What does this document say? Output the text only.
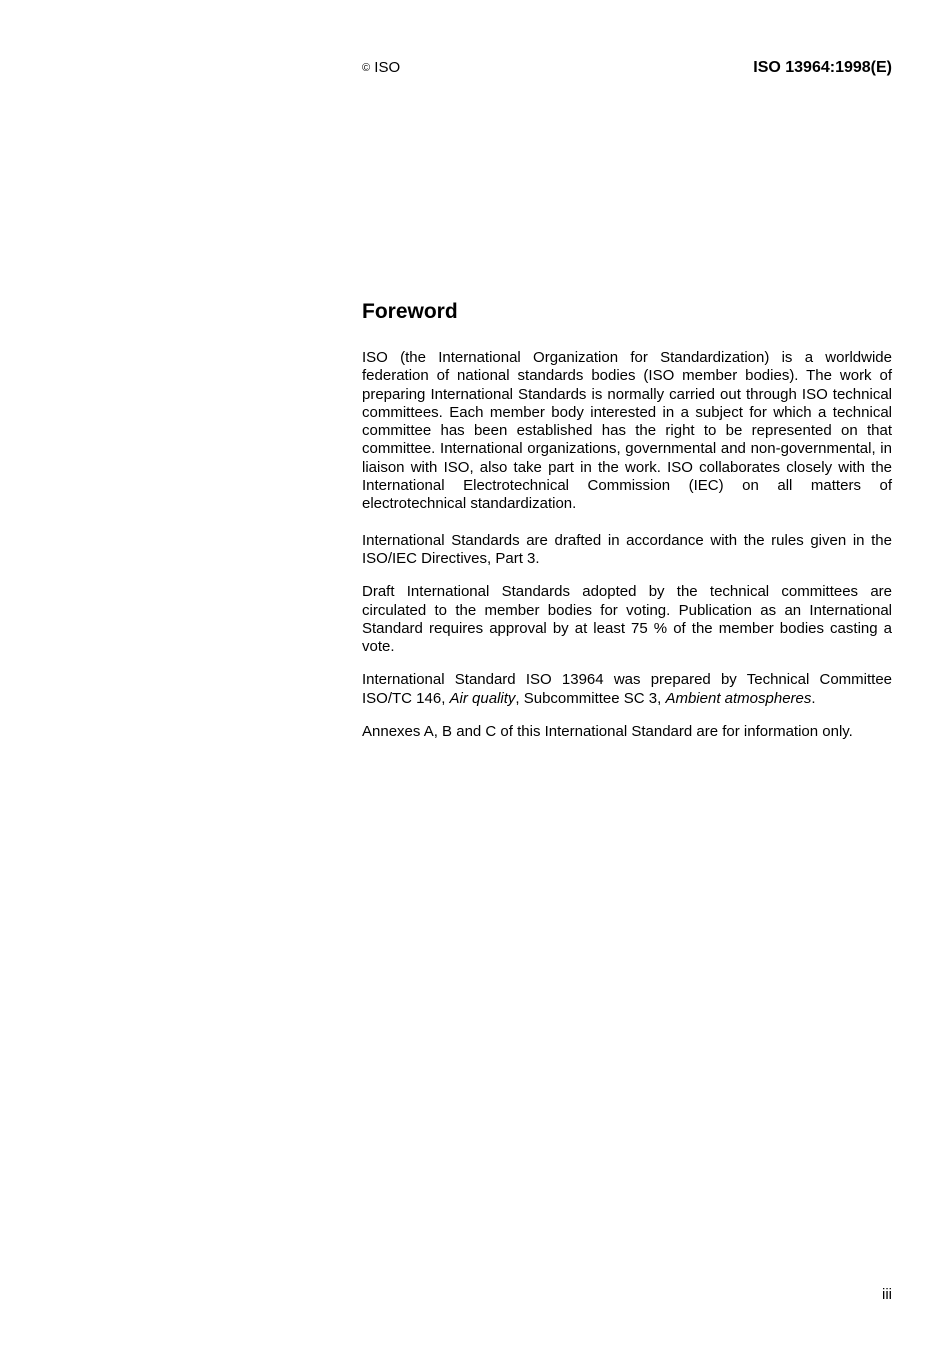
© ISO	ISO 13964:1998(E)
Foreword

ISO (the International Organization for Standardization) is a worldwide federation of national standards bodies (ISO member bodies). The work of preparing International Standards is normally carried out through ISO technical committees. Each member body interested in a subject for which a technical committee has been established has the right to be represented on that committee. International organizations, governmental and non-governmental, in liaison with ISO, also take part in the work. ISO collaborates closely with the International Electrotechnical Commission (IEC) on all matters of electrotechnical standardization.

International Standards are drafted in accordance with the rules given in the ISO/IEC Directives, Part 3.

Draft International Standards adopted by the technical committees are circulated to the member bodies for voting. Publication as an International Standard requires approval by at least 75 % of the member bodies casting a vote.

International Standard ISO 13964 was prepared by Technical Committee ISO/TC 146, Air quality, Subcommittee SC 3, Ambient atmospheres.

Annexes A, B and C of this International Standard are for information only.

iii
